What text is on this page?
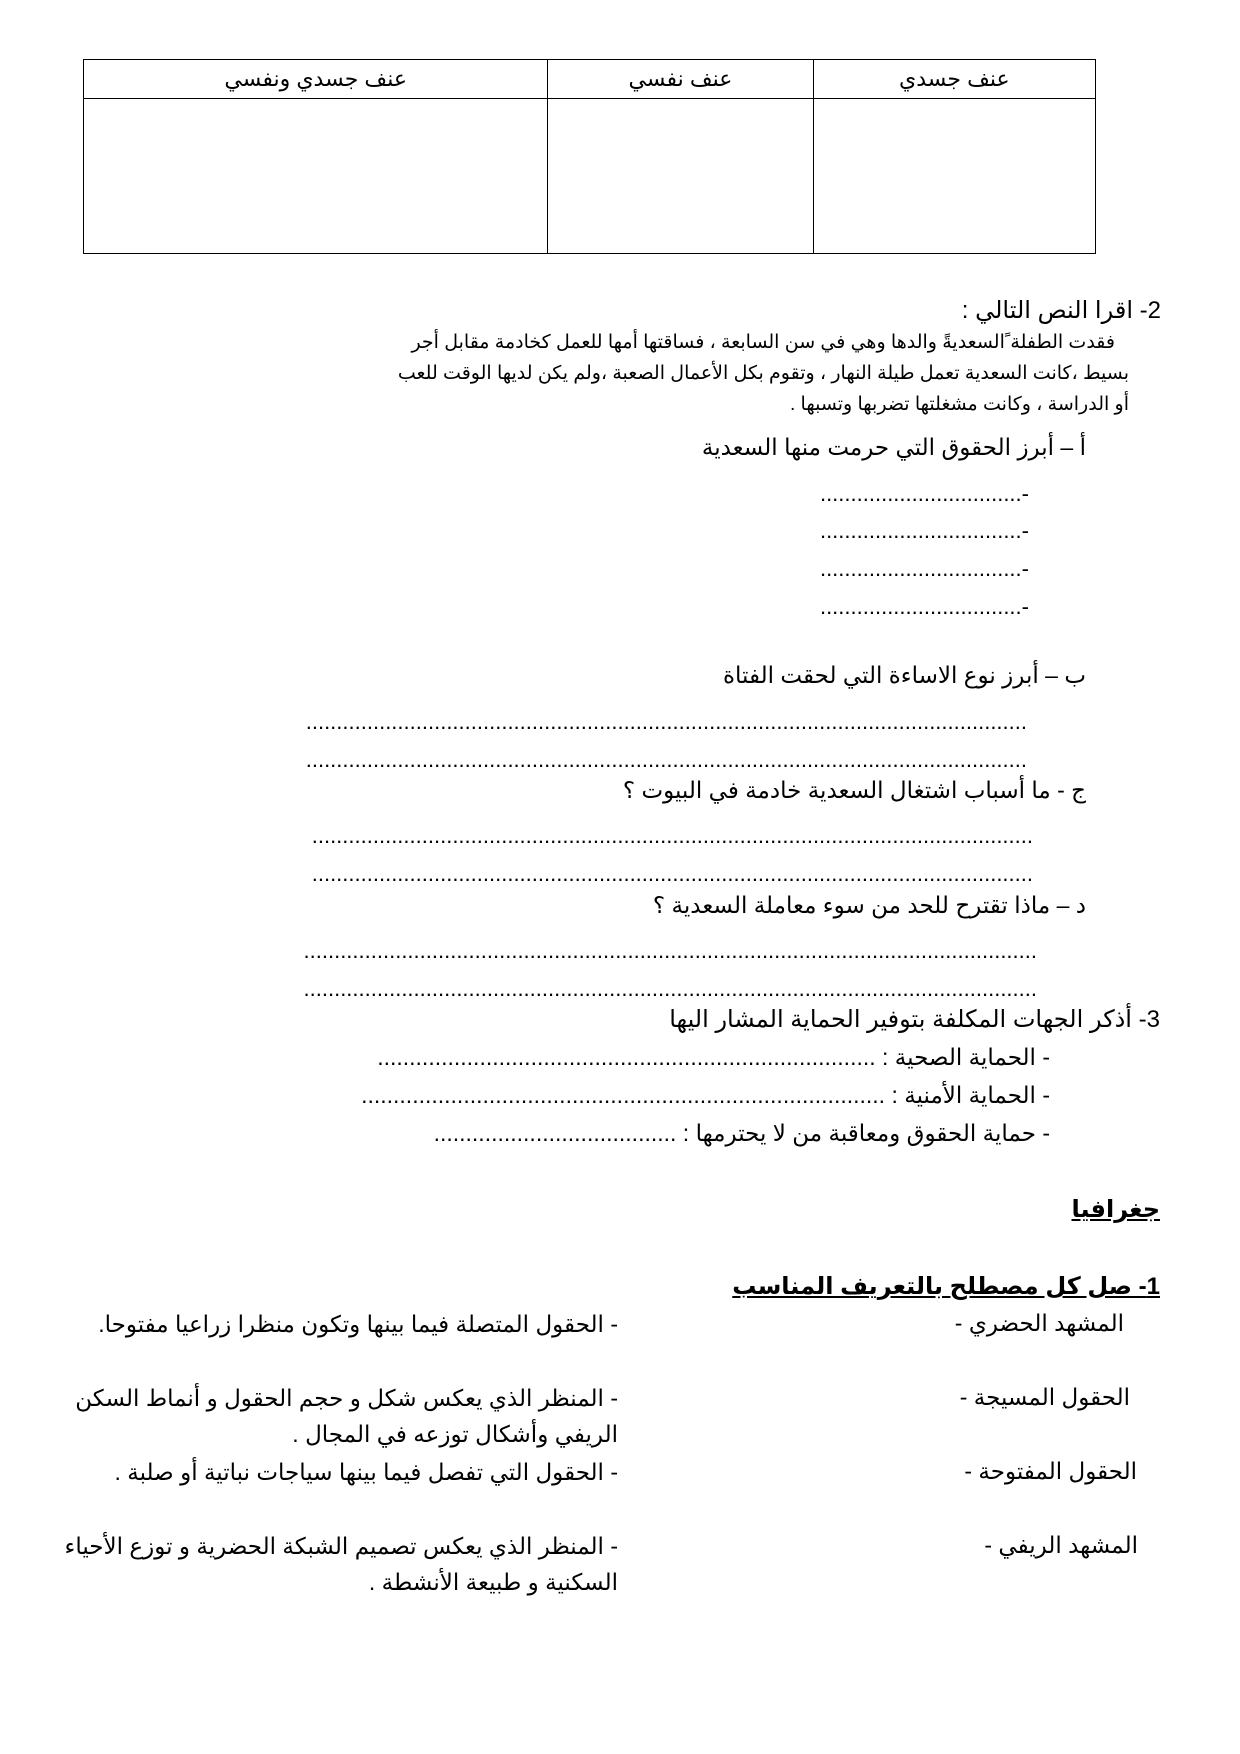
عنف جسدي	عنف نفسي	عنف جسدي ونفسي

2- اقرا النص التالي :
فقدت الطفلة ًالسعديةً والدها وهي في سن السابعة ، فساقتها أمها للعمل كخادمة مقابل أجر
بسيط ،كانت السعدية تعمل طيلة النهار ، وتقوم بكل الأعمال الصعبة ،ولم يكن لديها الوقت للعب
أو الدراسة ، وكانت مشغلتها تضربها وتسبها .
أ – أبرز الحقوق التي حرمت منها السعدية
-.................................
-.................................
-.................................
-.................................
ب – أبرز نوع الاساءة التي لحقت الفتاة
......................................................................................................................
......................................................................................................................
ج - ما أسباب اشتغال السعدية خادمة في البيوت ؟
......................................................................................................................
......................................................................................................................
د – ماذا تقترح للحد من سوء معاملة السعدية ؟
........................................................................................................................
........................................................................................................................
3- أذكر الجهات المكلفة بتوفير الحماية المشار اليها
- الحماية الصحية : ..............................................................................
- الحماية الأمنية : ..................................................................................
- حماية الحقوق ومعاقبة من لا يحترمها : ......................................
جغرافيا
1- صل كل مصطلح بالتعريف المناسب
المشهد الحضري -
الحقول المسيجة -
الحقول المفتوحة -
المشهد الريفي -
- الحقول المتصلة فيما بينها وتكون منظرا زراعيا مفتوحا.
- المنظر الذي يعكس شكل و حجم الحقول و أنماط السكن الريفي وأشكال توزعه في المجال .
- الحقول التي تفصل فيما بينها سياجات نباتية أو صلبة .
- المنظر الذي يعكس تصميم الشبكة الحضرية و توزع الأحياء السكنية و طبيعة الأنشطة .
